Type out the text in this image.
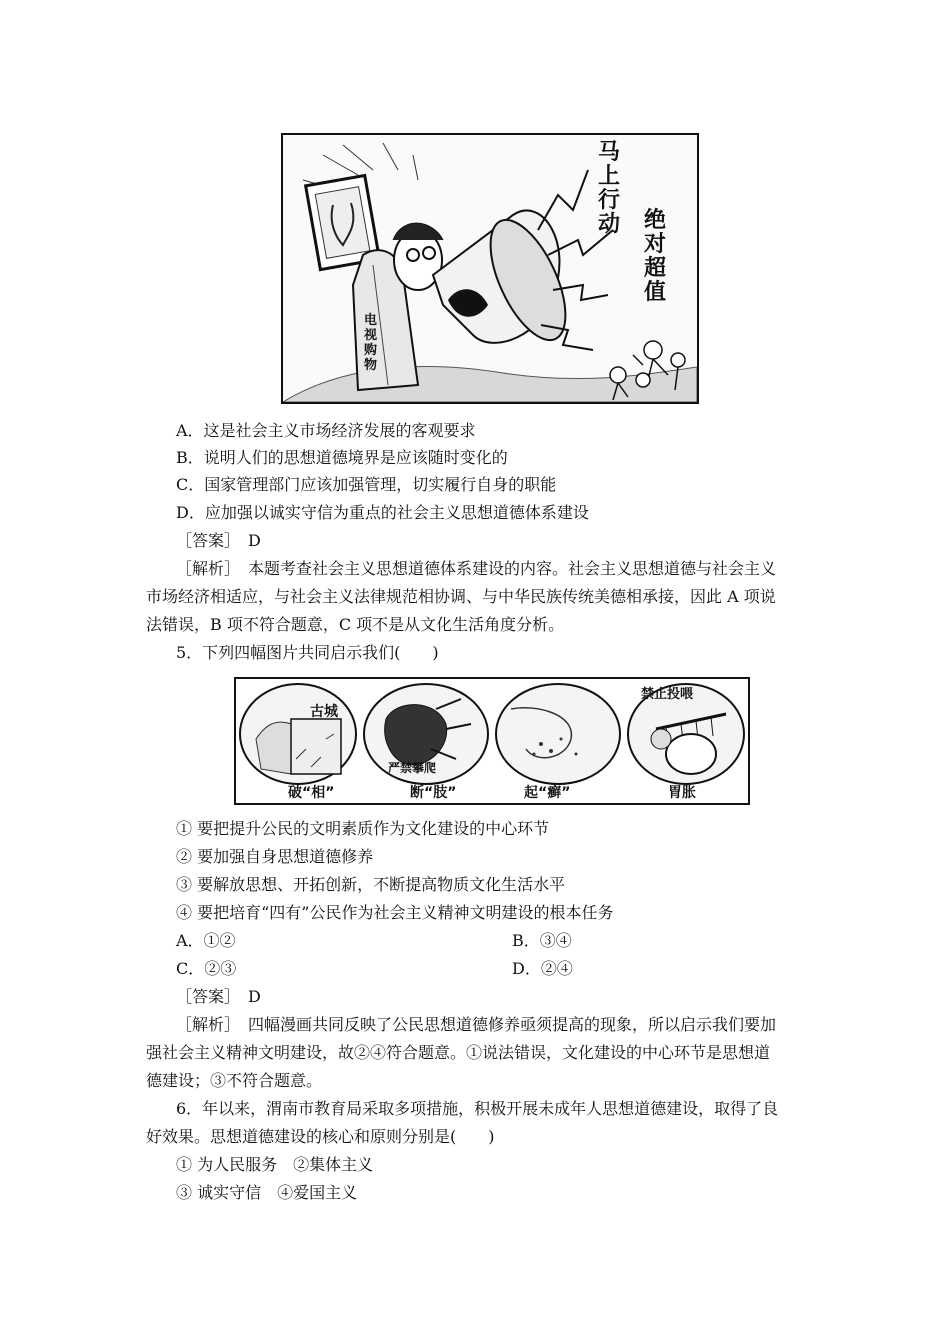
马上行动 绝对超值
电视购物
A．这是社会主义市场经济发展的客观要求
B．说明人们的思想道德境界是应该随时变化的
C．国家管理部门应该加强管理，切实履行自身的职能
D．应加强以诚实守信为重点的社会主义思想道德体系建设
［答案］　D
［解析］　本题考查社会主义思想道德体系建设的内容。社会主义思想道德与社会主义
市场经济相适应，与社会主义法律规范相协调、与中华民族传统美德相承接，因此 A 项说
法错误，B 项不符合题意，C 项不是从文化生活角度分析。
5．下列四幅图片共同启示我们(　　)
古城
严禁攀爬
禁止投喂
破“相”	断“肢”	起“癣”	胃胀
① 要把提升公民的文明素质作为文化建设的中心环节
② 要加强自身思想道德修养
③ 要解放思想、开拓创新，不断提高物质文化生活水平
④ 要把培育“四有”公民作为社会主义精神文明建设的根本任务
A．①②	B．③④
C．②③	D．②④
［答案］　D
［解析］　四幅漫画共同反映了公民思想道德修养亟须提高的现象，所以启示我们要加
强社会主义精神文明建设，故②④符合题意。①说法错误，文化建设的中心环节是思想道
德建设；③不符合题意。
6．年以来，渭南市教育局采取多项措施，积极开展未成年人思想道德建设，取得了良
好效果。思想道德建设的核心和原则分别是(　　)
① 为人民服务　②集体主义
③ 诚实守信　④爱国主义
